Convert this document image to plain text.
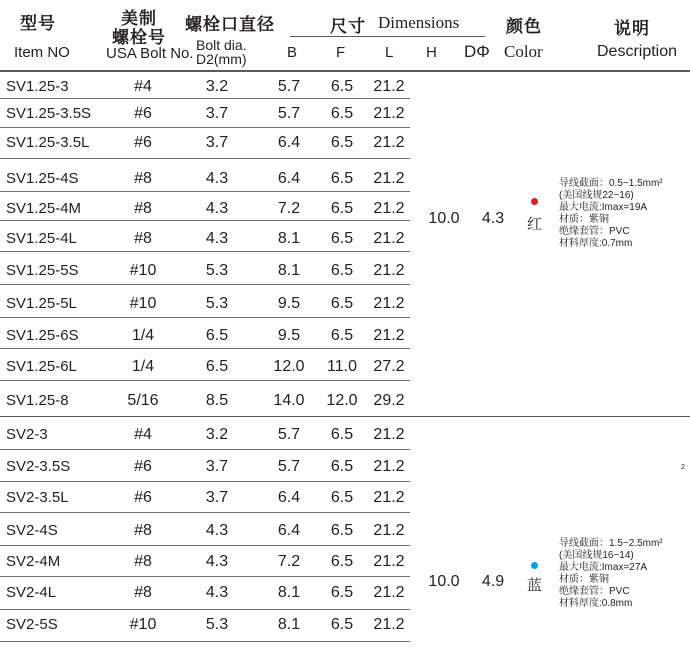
型号
Item NO
美制
螺栓号
USA Bolt No.
螺栓口直径
Bolt dia.
D2(mm)
尺寸 Dimensions
B	F	L H DΦ
颜色
Color
说明
Description
SV1.25-3	#4	3.2	5.7	6.5	21.2
SV1.25-3.5S	#6	3.7	5.7	6.5	21.2
SV1.25-3.5L	#6	3.7	6.4	6.5	21.2
SV1.25-4S	#8	4.3	6.4	6.5	21.2
SV1.25-4M	#8	4.3	7.2	6.5	21.2
SV1.25-4L	#8	4.3	8.1	6.5	21.2
SV1.25-5S	#10	5.3	8.1	6.5	21.2
SV1.25-5L	#10	5.3	9.5	6.5	21.2
SV1.25-6S	1/4	6.5	9.5	6.5	21.2
SV1.25-6L	1/4	6.5	12.0	11.0	27.2
SV1.25-8	5/16	8.5	14.0	12.0 29.2
10.0	4.3	红
导线截面：0.5~1.5mm²
(美国线规22~16)
最大电流:Imax=19A
材质：紫铜
绝缘套管：PVC
材料厚度:0.7mm
SV2-3	#4	3.2	5.7	6.5	21.2
SV2-3.5S	#6	3.7	5.7	6.5	21.2
SV2-3.5L	#6	3.7	6.4	6.5	21.2
SV2-4S	#8	4.3	6.4	6.5	21.2
SV2-4M	#8	4.3	7.2	6.5	21.2
SV2-4L	#8	4.3	8.1	6.5	21.2
SV2-5S	#10	5.3	8.1	6.5	21.2
10.0	4.9	蓝
导线截面：1.5~2.5mm²
(美国线规16~14)
最大电流:Imax=27A
材质：紫铜
绝缘套管：PVC
材料厚度:0.8mm
2
